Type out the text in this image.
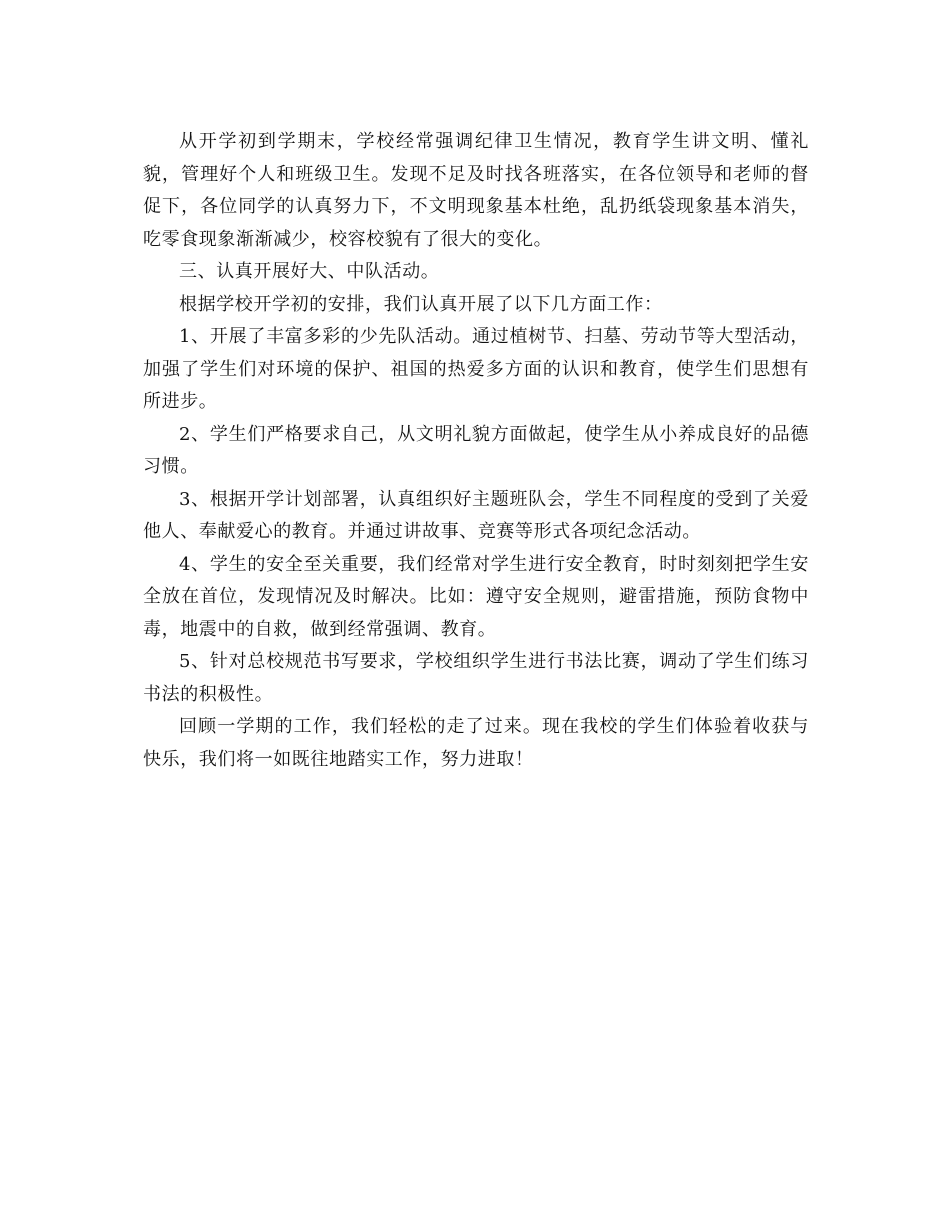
从开学初到学期末，学校经常强调纪律卫生情况，教育学生讲文明、懂礼貌，管理好个人和班级卫生。发现不足及时找各班落实，在各位领导和老师的督促下，各位同学的认真努力下，不文明现象基本杜绝，乱扔纸袋现象基本消失，吃零食现象渐渐减少，校容校貌有了很大的变化。

三、认真开展好大、中队活动。

根据学校开学初的安排，我们认真开展了以下几方面工作：

1、开展了丰富多彩的少先队活动。通过植树节、扫墓、劳动节等大型活动，加强了学生们对环境的保护、祖国的热爱多方面的认识和教育，使学生们思想有所进步。

2、学生们严格要求自己，从文明礼貌方面做起，使学生从小养成良好的品德习惯。

3、根据开学计划部署，认真组织好主题班队会，学生不同程度的受到了关爱他人、奉献爱心的教育。并通过讲故事、竞赛等形式各项纪念活动。

4、学生的安全至关重要，我们经常对学生进行安全教育，时时刻刻把学生安全放在首位，发现情况及时解决。比如：遵守安全规则，避雷措施，预防食物中毒，地震中的自救，做到经常强调、教育。

5、针对总校规范书写要求，学校组织学生进行书法比赛，调动了学生们练习书法的积极性。

回顾一学期的工作，我们轻松的走了过来。现在我校的学生们体验着收获与快乐，我们将一如既往地踏实工作，努力进取！
